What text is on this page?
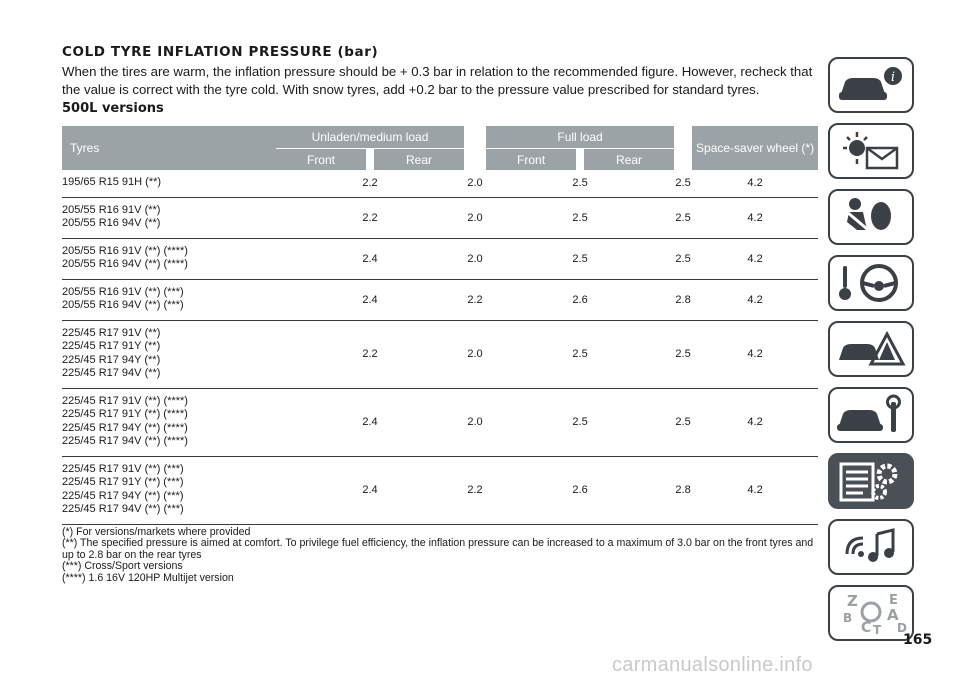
COLD TYRE INFLATION PRESSURE (bar)

When the tires are warm, the inflation pressure should be + 0.3 bar in relation to the recommended figure. However, recheck that the value is correct with the tyre cold. With snow tyres, add +0.2 bar to the pressure value prescribed for standard tyres.

500L versions
Tyres	Unladen/medium load				Full load				Space-saver wheel (*)
	Front		Rear		Front		Rear		

195/65 R15 91H (**)	2.2			2.0	2.5			2.5	4.2

205/55 R16 91V (**)
205/55 R16 94V (**)	2.2			2.0	2.5			2.5	4.2

205/55 R16 91V (**) (****)
205/55 R16 94V (**) (****)	2.4			2.0	2.5			2.5	4.2

205/55 R16 91V (**) (***)
205/55 R16 94V (**) (***)	2.4			2.2	2.6			2.8	4.2

225/45 R17 91V (**)
225/45 R17 91Y (**)
225/45 R17 94Y (**)
225/45 R17 94V (**)	2.2			2.0	2.5			2.5	4.2

225/45 R17 91V (**) (****)
225/45 R17 91Y (**) (****)
225/45 R17 94Y (**) (****)
225/45 R17 94V (**) (****)	2.4			2.0	2.5			2.5	4.2

225/45 R17 91V (**) (***)
225/45 R17 91Y (**) (***)
225/45 R17 94Y (**) (***)
225/45 R17 94V (**) (***)	2.4			2.2	2.6			2.8	4.2
(*) For versions/markets where provided
(**) The specified pressure is aimed at comfort. To privilege fuel efficiency, the inflation pressure can be increased to a maximum of 3.0 bar on the front tyres and up to 2.8 bar on the rear tyres
(***) Cross/Sport versions
(****) 1.6 16V 120HP Multijet version
i
Z E
A
B
C D
T
165
carmanualsonline.info
